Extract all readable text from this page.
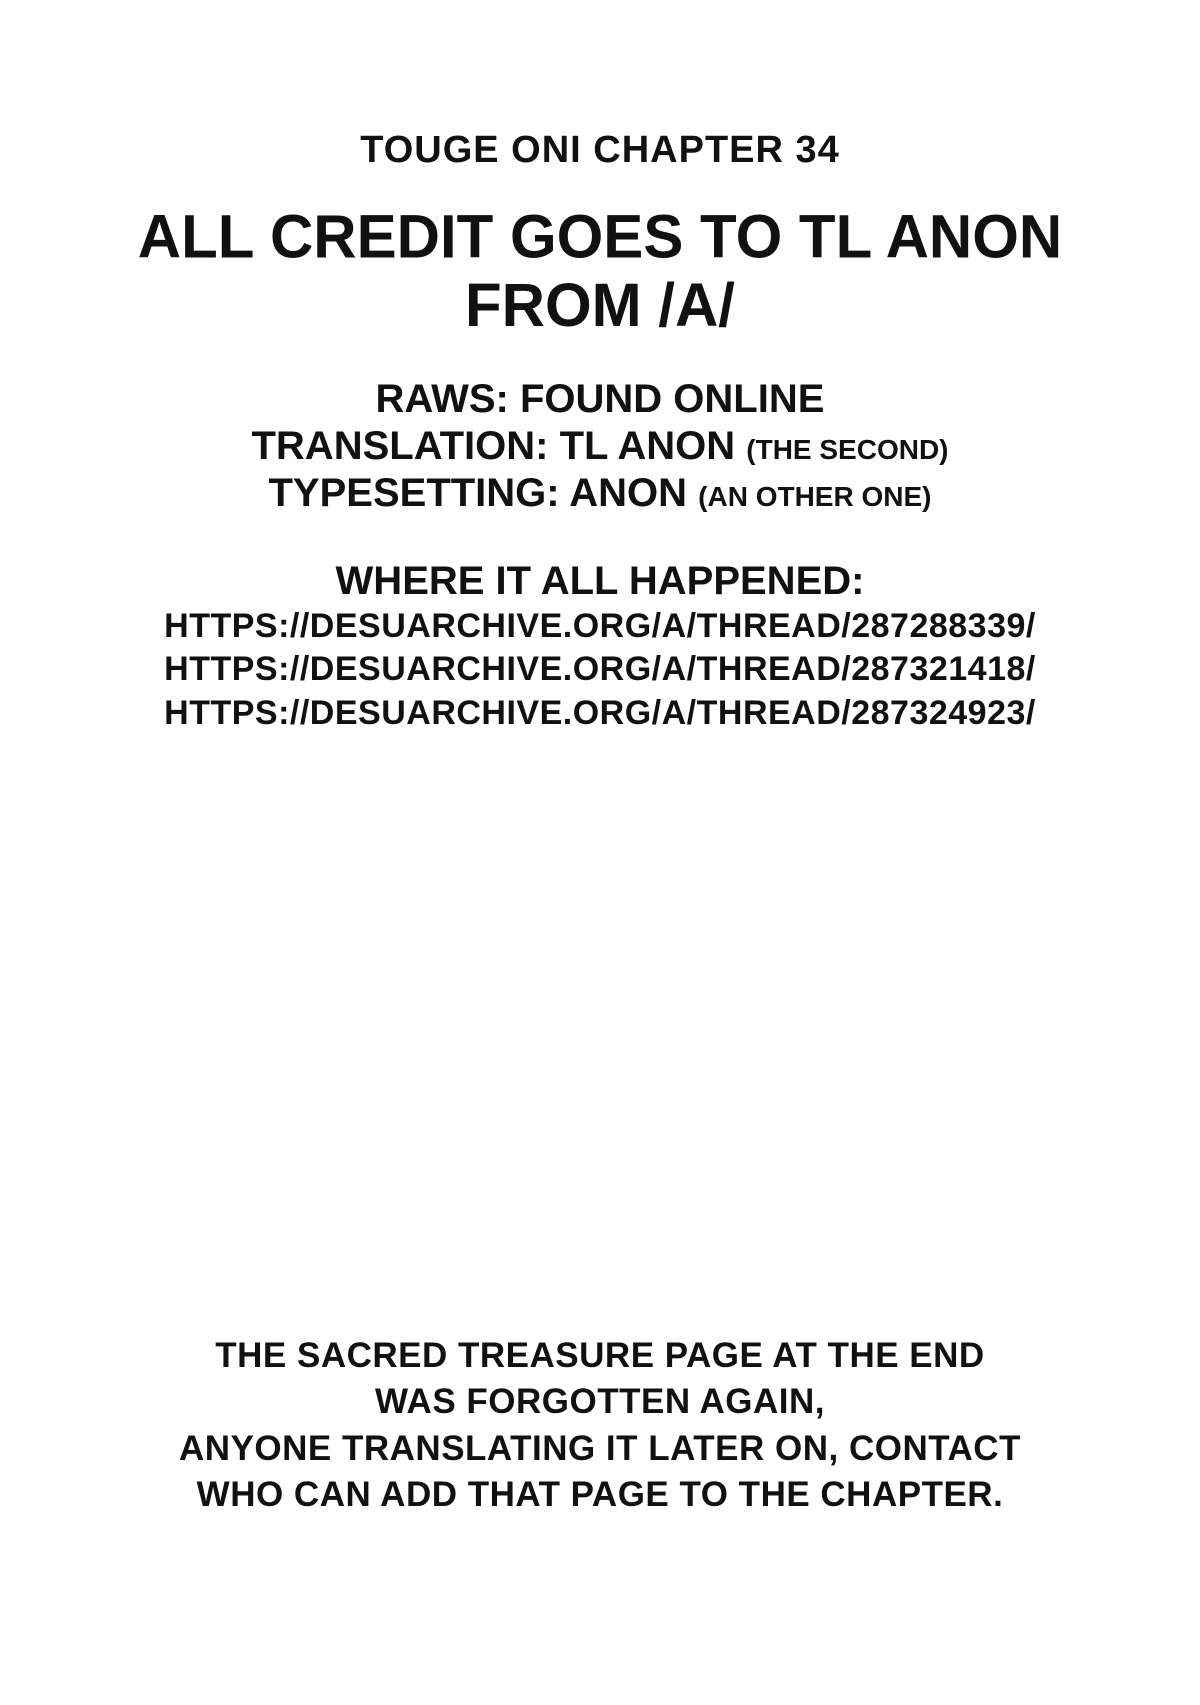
TOUGE ONI CHAPTER 34
ALL CREDIT GOES TO TL ANON
FROM /A/
RAWS: FOUND ONLINE
TRANSLATION: TL ANON (THE SECOND)
TYPESETTING: ANON (AN OTHER ONE)
WHERE IT ALL HAPPENED:
HTTPS://DESUARCHIVE.ORG/A/THREAD/287288339/
HTTPS://DESUARCHIVE.ORG/A/THREAD/287321418/
HTTPS://DESUARCHIVE.ORG/A/THREAD/287324923/
THE SACRED TREASURE PAGE AT THE END
WAS FORGOTTEN AGAIN,
ANYONE TRANSLATING IT LATER ON, CONTACT
WHO CAN ADD THAT PAGE TO THE CHAPTER.
